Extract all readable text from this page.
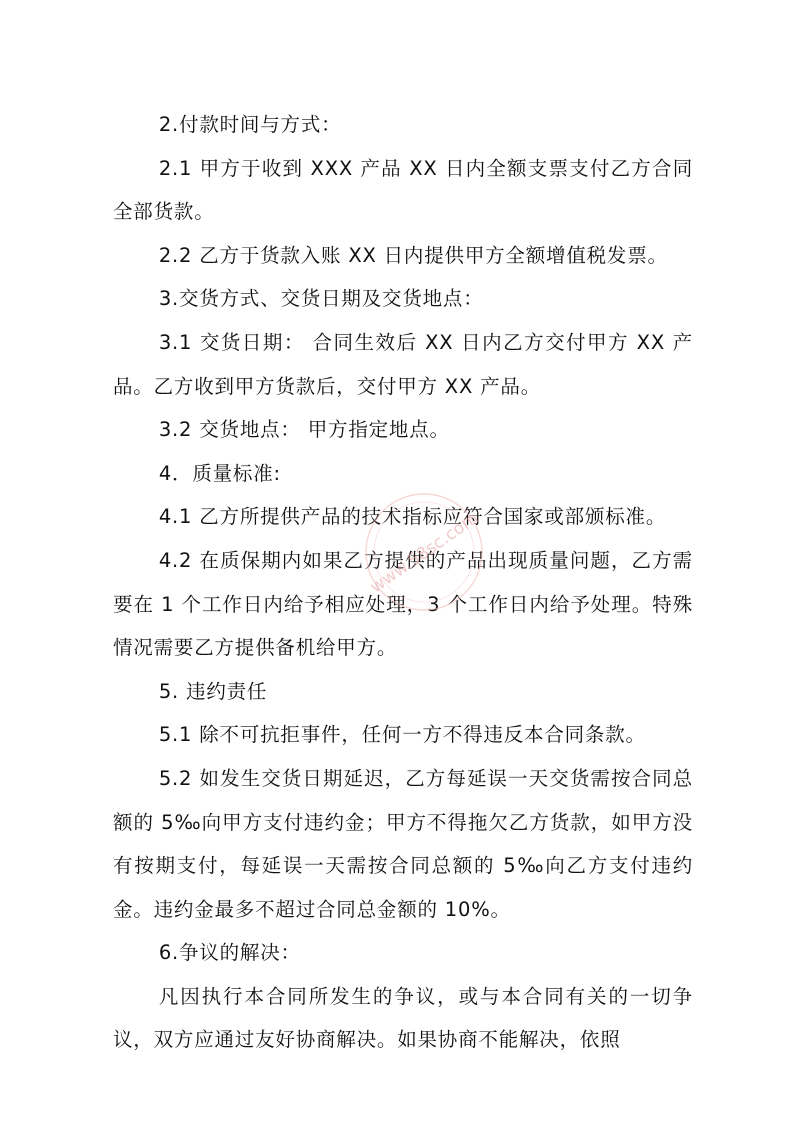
2.付款时间与方式：

2.1 甲方于收到 XXX 产品 XX 日内全额支票支付乙方合同全部货款。

2.2 乙方于货款入账 XX 日内提供甲方全额增值税发票。

3.交货方式、交货日期及交货地点：

3.1 交货日期： 合同生效后 XX 日内乙方交付甲方 XX 产品。乙方收到甲方货款后，交付甲方 XX 产品。

3.2 交货地点： 甲方指定地点。

4．质量标准:

4.1 乙方所提供产品的技术指标应符合国家或部颁标准。

4.2 在质保期内如果乙方提供的产品出现质量问题，乙方需要在 1 个工作日内给予相应处理，3 个工作日内给予处理。特殊情况需要乙方提供备机给甲方。

5. 违约责任

5.1 除不可抗拒事件，任何一方不得违反本合同条款。

5.2 如发生交货日期延迟，乙方每延误一天交货需按合同总额的 5‰向甲方支付违约金；甲方不得拖欠乙方货款，如甲方没有按期支付，每延误一天需按合同总额的 5‰向乙方支付违约金。违约金最多不超过合同总金额的 10%。

6.争议的解决：

凡因执行本合同所发生的争议，或与本合同有关的一切争议，双方应通过友好协商解决。如果协商不能解决，依照

www.58sc.com
